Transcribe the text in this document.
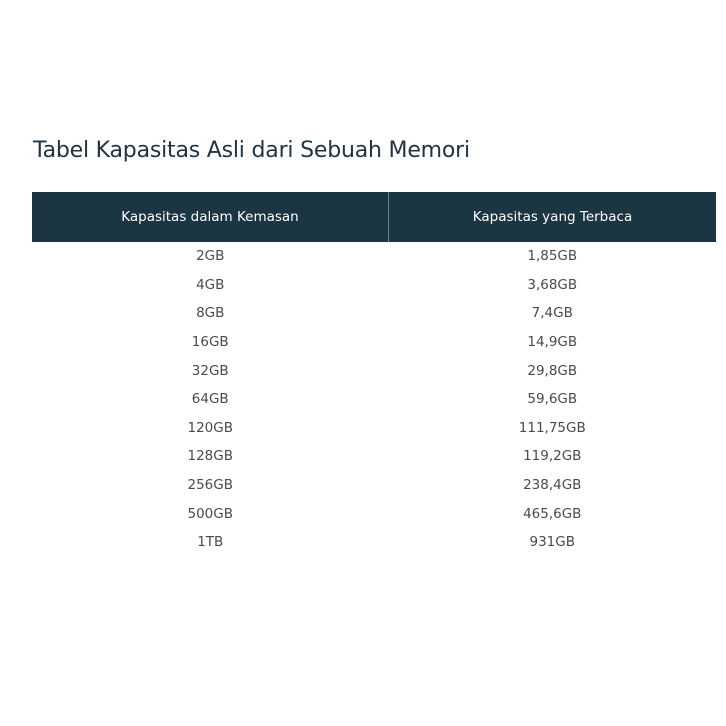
Tabel Kapasitas Asli dari Sebuah Memori
Kapasitas dalam Kemasan	Kapasitas yang Terbaca
2GB	1,85GB
4GB	3,68GB
8GB	7,4GB
16GB	14,9GB
32GB	29,8GB
64GB	59,6GB
120GB	111,75GB
128GB	119,2GB
256GB	238,4GB
500GB	465,6GB
1TB	931GB
